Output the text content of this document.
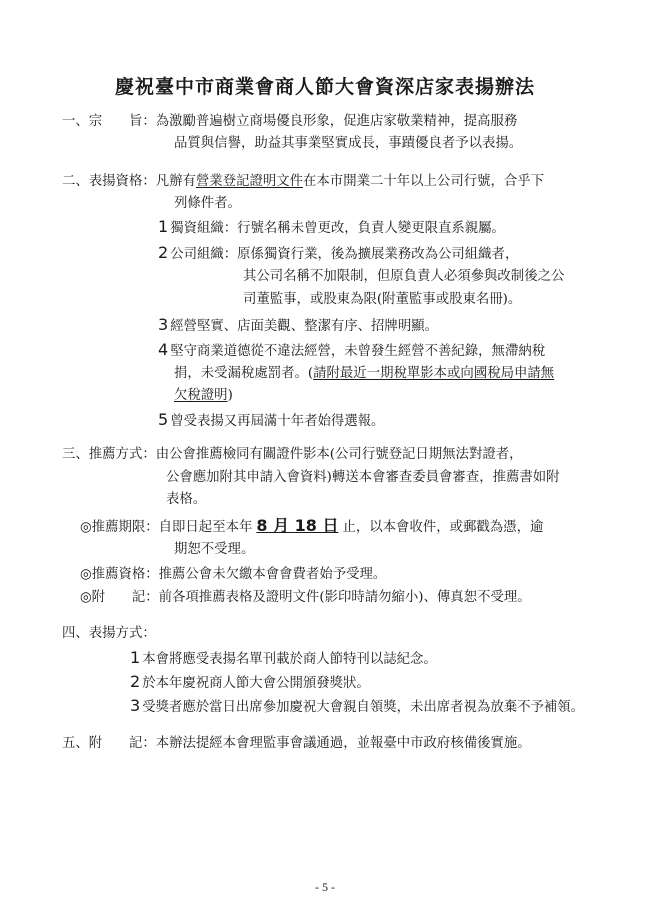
慶祝臺中市商業會商人節大會資深店家表揚辦法
一、宗　　旨：為激勵普遍樹立商場優良形象，促進店家敬業精神，提高服務
品質與信譽，助益其事業堅實成長，事蹟優良者予以表揚。
二、表揚資格：凡辦有營業登記證明文件在本市開業二十年以上公司行號，合乎下
列條件者。
1 獨資組織：行號名稱未曾更改，負責人變更限直系親屬。
2 公司組織：原係獨資行業，後為擴展業務改為公司組織者，
其公司名稱不加限制，但原負責人必須參與改制後之公
司董監事，或股東為限(附董監事或股東名冊)。
3 經營堅實、店面美觀、整潔有序、招牌明顯。
4 堅守商業道德從不違法經營，未曾發生經營不善紀錄，無滯納稅
捐，未受漏稅處罰者。(請附最近一期稅單影本或向國稅局申請無
欠稅證明)
5 曾受表揚又再屆滿十年者始得選報。
三、推薦方式：由公會推薦檢同有關證件影本(公司行號登記日期無法對證者，
公會應加附其申請入會資料)轉送本會審查委員會審查，推薦書如附
表格。
◎推薦期限：自即日起至本年 8 月 18 日 止，以本會收件，或郵戳為憑，逾
期恕不受理。
◎推薦資格：推薦公會未欠繳本會會費者始予受理。
◎附　　記：前各項推薦表格及證明文件(影印時請勿縮小)、傳真恕不受理。
四、表揚方式：
1 本會將應受表揚名單刊載於商人節特刊以誌紀念。
2 於本年慶祝商人節大會公開頒發獎狀。
3 受獎者應於當日出席參加慶祝大會親自領獎，未出席者視為放棄不予補領。
五、附　　記：本辦法提經本會理監事會議通過，並報臺中市政府核備後實施。
- 5 -
